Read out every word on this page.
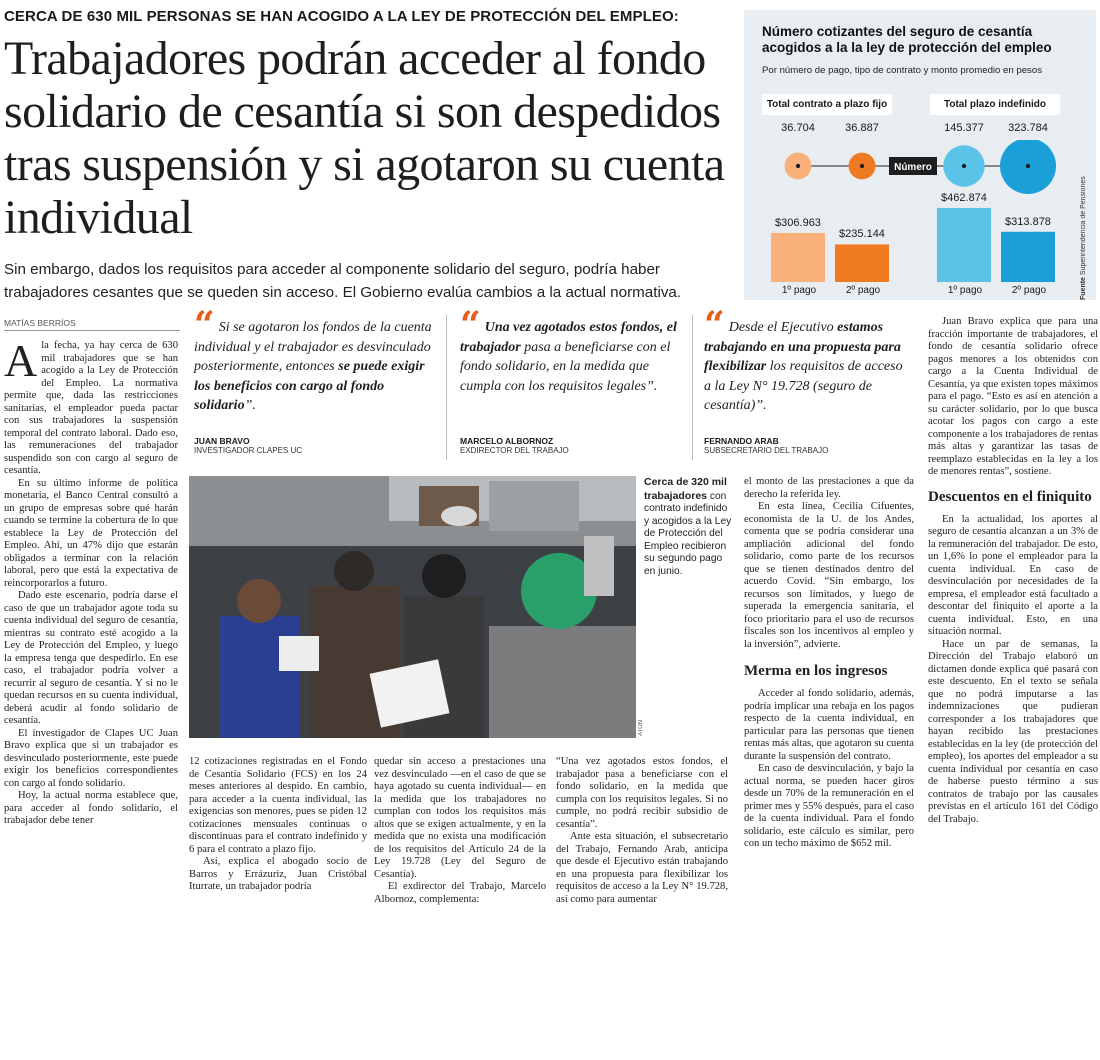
CERCA DE 630 MIL PERSONAS SE HAN ACOGIDO A LA LEY DE PROTECCIÓN DEL EMPLEO:
Trabajadores podrán acceder al fondo solidario de cesantía si son despedidos tras suspensión y si agotaron su cuenta individual
Sin embargo, dados los requisitos para acceder al componente solidario del seguro, podría haber trabajadores cesantes que se queden sin acceso. El Gobierno evalúa cambios a la actual normativa.
MATÍAS BERRÍOS
Número cotizantes del seguro de cesantía acogidos a la la ley de protección del empleo
Por número de pago, tipo de contrato y monto promedio en pesos
Total contrato a plazo fijo	Total plazo indefinido
36.704	36.887	145.377	323.784
Número
$306.963
$235.144
$462.874
$313.878
1º pago	2º pago	1º pago	2º pago	Fuente Superintendencia de Pensiones
“ Si se agotaron los fondos de la cuenta individual y el trabajador es desvinculado posteriormente, entonces se puede exigir los beneficios con cargo al fondo solidario”.
JUAN BRAVO
INVESTIGADOR CLAPES UC
“ Una vez agotados estos fondos, el trabajador pasa a beneficiarse con el fondo solidario, en la medida que cumpla con los requisitos legales”.
MARCELO ALBORNOZ
EXDIRECTOR DEL TRABAJO
“ Desde el Ejecutivo estamos trabajando en una propuesta para flexibilizar los requisitos de acceso a la Ley N° 19.728 (seguro de cesantía)”.
FERNANDO ARAB
SUBSECRETARIO DEL TRABAJO

Ala fecha, ya hay cerca de 630 mil trabajadores que se han acogido a la Ley de Protección del Empleo. La normativa permite que, dada las restricciones sanitarias, el empleador pueda pactar con sus trabajadores la suspensión temporal del contrato laboral. Dado eso, las remuneraciones del trabajador suspendido son con cargo al seguro de cesantía.

En su último informe de política monetaria, el Banco Central consultó a un grupo de empresas sobre qué harán cuando se termine la cobertura de lo que establece la Ley de Protección del Empleo. Ahí, un 47% dijo que estarán obligados a terminar con la relación laboral, pero que está la expectativa de reincorporarlos a futuro.

Dado este escenario, podría darse el caso de que un trabajador agote toda su cuenta individual del seguro de cesantía, mientras su contrato esté acogido a la Ley de Protección del Empleo, y luego la empresa tenga que despedirlo. En ese caso, el trabajador podría volver a recurrir al seguro de cesantía. Y si no le quedan recursos en su cuenta individual, deberá acudir al fondo solidario de cesantía.

El investigador de Clapes UC Juan Bravo explica que si un trabajador es desvinculado posteriormente, este puede exigir los beneficios correspondientes con cargo al fondo solidario.

Hoy, la actual norma establece que, para acceder al fondo solidario, el trabajador debe tener

ATON
Cerca de 320 mil trabajadores con contrato indefinido y acogidos a la Ley de Protección del Empleo recibieron su segundo pago en junio.

12 cotizaciones registradas en el Fondo de Cesantía Solidario (FCS) en los 24 meses anteriores al despido. En cambio, para acceder a la cuenta individual, las exigencias son menores, pues se piden 12 cotizaciones mensuales continuas o discontinuas para el contrato indefinido y 6 para el contrato a plazo fijo.

Así, explica el abogado socio de Barros y Errázuriz, Juan Cristóbal Iturrate, un trabajador podría

quedar sin acceso a prestaciones una vez desvinculado —en el caso de que se haya agotado su cuenta individual— en la medida que los trabajadores no cumplan con todos los requisitos más altos que se exigen actualmente, y en la medida que no exista una modificación de los requisitos del Artículo 24 de la Ley 19.728 (Ley del Seguro de Cesantía).

El exdirector del Trabajo, Marcelo Albornoz, complementa:

“Una vez agotados estos fondos, el trabajador pasa a beneficiarse con el fondo solidario, en la medida que cumpla con los requisitos legales. Si no cumple, no podrá recibir subsidio de cesantía”.

Ante esta situación, el subsecretario del Trabajo, Fernando Arab, anticipa que desde el Ejecutivo están trabajando en una propuesta para flexibilizar los requisitos de acceso a la Ley N° 19.728, así como para aumentar

el monto de las prestaciones a que da derecho la referida ley.

En esta línea, Cecilia Cifuentes, economista de la U. de los Andes, comenta que se podría considerar una ampliación adicional del fondo solidario, como parte de los recursos que se tienen destinados dentro del acuerdo Covid. “Sin embargo, los recursos son limitados, y luego de superada la emergencia sanitaria, el foco prioritario para el uso de recursos fiscales son los incentivos al empleo y la inversión”, advierte.

Merma en los ingresos

Acceder al fondo solidario, además, podría implicar una rebaja en los pagos respecto de la cuenta individual, en particular para las personas que tienen rentas más altas, que agotaron su cuenta durante la suspensión del contrato.

En caso de desvinculación, y bajo la actual norma, se pueden hacer giros desde un 70% de la remuneración en el primer mes y 55% después, para el caso de la cuenta individual. Para el fondo solidario, este cálculo es similar, pero con un techo máximo de $652 mil.

Juan Bravo explica que para una fracción importante de trabajadores, el fondo de cesantía solidario ofrece pagos menores a los obtenidos con cargo a la Cuenta Individual de Cesantía, ya que existen topes máximos para el pago. “Esto es así en atención a su carácter solidario, por lo que busca acotar los pagos con cargo a este componente a los trabajadores de rentas más altas y garantizar las tasas de reemplazo establecidas en la ley a los de menores rentas”, sostiene.

Descuentos en el finiquito

En la actualidad, los aportes al seguro de cesantía alcanzan a un 3% de la remuneración del trabajador. De esto, un 1,6% lo pone el empleador para la cuenta individual. En caso de desvinculación por necesidades de la empresa, el empleador está facultado a descontar del finiquito el aporte a la cuenta individual. Esto, en una situación normal.

Hace un par de semanas, la Dirección del Trabajo elaboró un dictamen donde explica qué pasará con este descuento. En el texto se señala que no podrá imputarse a las indemnizaciones que pudieran corresponder a los trabajadores que hayan recibido las prestaciones establecidas en la ley (de protección del empleo), los aportes del empleador a su cuenta individual por cesantía en caso de haberse puesto término a sus contratos de trabajo por las causales previstas en el artículo 161 del Código del Trabajo.
